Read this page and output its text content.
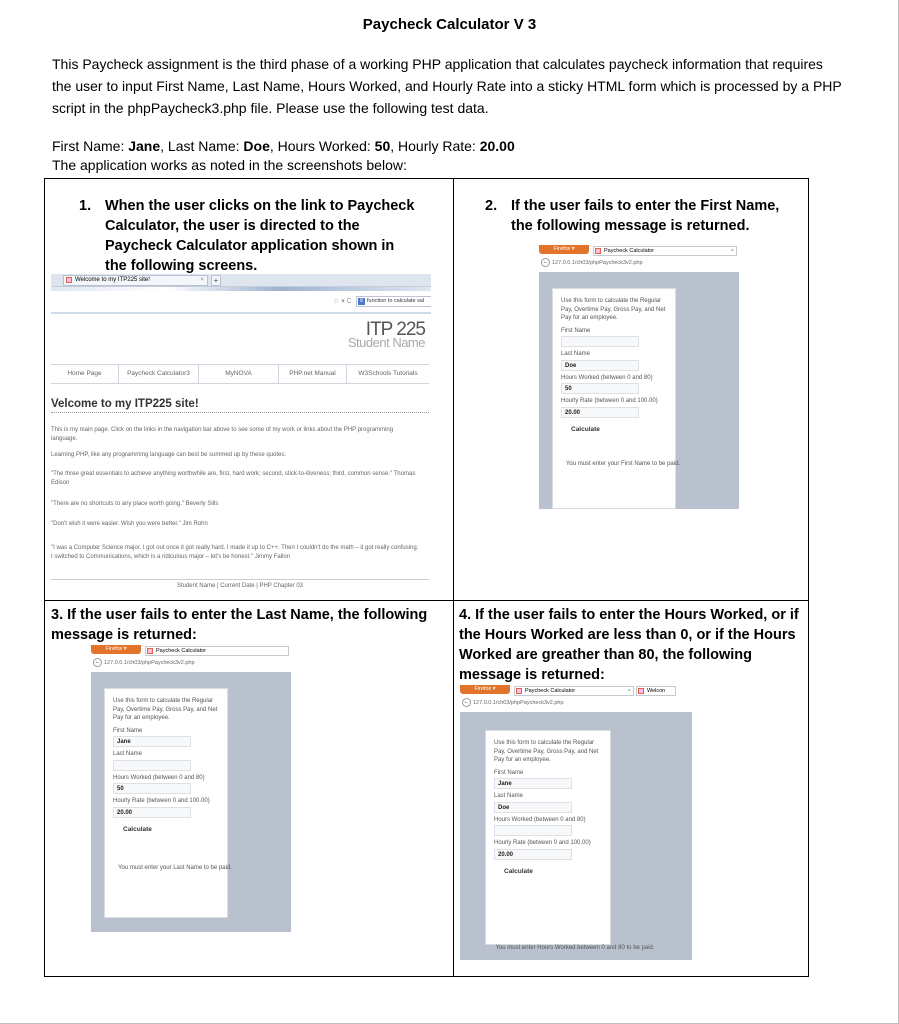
Paycheck Calculator V 3
This Paycheck assignment is the third phase of a working PHP application that calculates paycheck information that requires the user to input First Name, Last Name, Hours Worked, and Hourly Rate into a sticky HTML form which is processed by a PHP script in the phpPaycheck3.php file. Please use the following test data.
First Name: Jane, Last Name: Doe, Hours Worked: 50, Hourly Rate: 20.00
The application works as noted in the screenshots below:
1. When the user clicks on the link to Paycheck Calculator, the user is directed to the Paycheck Calculator application shown in the following screens.
Welcome to my ITP225 site!	×	+
☆ ▾ C	8 function to calculate sal
ITP 225
Student Name
Home Page	Paycheck Calculator3	MyNOVA	PHP.net Manual	W3Schools Tutorials
Velcome to my ITP225 site!
This is my main page. Click on the links in the navigation bar above to see some of my work or links about the PHP programming language.
Learning PHP, like any programming language can best be summed up by these quotes:
"The three great essentials to achieve anything worthwhile are, first, hard work; second, stick-to-itiveness; third, common sense." Thomas Edison
"There are no shortcuts to any place worth going." Beverly Sills
"Don't wish it were easier. Wish you were better." Jim Rohn
"I was a Computer Science major. I got out once it got really hard. I made it up to C++. Then I couldn't do the math – it got really confusing. I switched to Communications, which is a ridiculous major – let's be honest." Jimmy Fallon
Student Name | Current Date | PHP Chapter 03
2. If the user fails to enter the First Name, the following message is returned.
Firefox ▾	Paycheck Calculator	×
← 127.0.0.1/ch03/phpPaycheck3v2.php
Use this form to calculate the Regular Pay, Overtime Pay, Gross Pay, and Net Pay for an employee.
First Name
Last Name
Doe
Hours Worked (between 0 and 80)
50
Hourly Rate (between 0 and 100.00)
20.00
Calculate
You must enter your First Name to be paid.
3. If the user fails to enter the Last Name, the following message is returned:
Firefox ▾	Paycheck Calculator
← 127.0.0.1/ch03/phpPaycheck3v2.php
Use this form to calculate the Regular Pay, Overtime Pay, Gross Pay, and Net Pay for an employee.
First Name
Jane
Last Name
Hours Worked (between 0 and 80)
50
Hourly Rate (between 0 and 100.00)
20.00
Calculate
You must enter your Last Name to be paid.
4. If the user fails to enter the Hours Worked, or if the Hours Worked are less than 0, or if the Hours Worked are greather than 80, the following message is returned:
Firefox ▾	Paycheck Calculator	×	Welcon
← 127.0.0.1/ch03/phpPaycheck3v2.php
Use this form to calculate the Regular Pay, Overtime Pay, Gross Pay, and Net Pay for an employee.
First Name
Jane
Last Name
Doe
Hours Worked (between 0 and 80)
Hourly Rate (between 0 and 100.00)
20.00
Calculate
You must enter Hours Worked between 0 and 80 to be paid.
